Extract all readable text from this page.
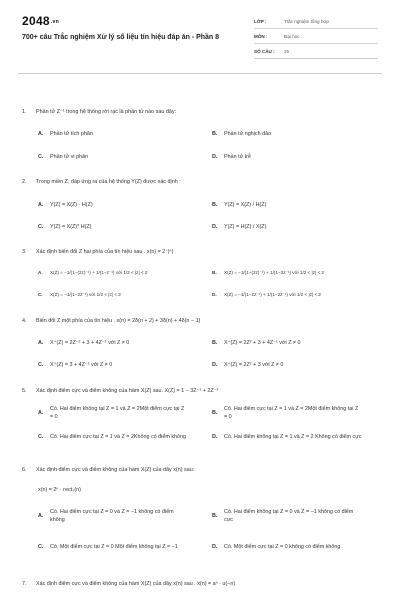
2048.vn
700+ câu Trắc nghiệm Xử lý số liệu tín hiệu đáp án - Phần 8
LỚP :	Trắc nghiệm tổng hợp
MÔN :	Đại học
SỐ CÂU :	25
1.	Phần tử Z⁻¹ trong hệ thống rời rạc là phần tử nào sau đây:
A.	Phần tử tích phân	B.	Phần tử nghịch đảo
C.	Phần tử vi phân	D.	Phần tử trễ
2.	Trong miền Z, đáp ứng ra của hệ thống Y(Z) được xác định :
A.	Y(Z) = X(Z) · H(Z)	B.	Y(Z) = X(Z) / H(Z)
C.	Y(Z) = X(Z)* H(Z)	D.	Y(Z) = H(Z) / X(Z)
3.	Xác định biến đổi Z hai phía của tín hiệu sau . x(n) = 2⁻|ⁿ|
A.	X(Z) = −1/(1−(2z)⁻¹) + 1/(1−z⁻¹) với 1/2 < |z| < 2	B.	X(Z) = −1/(1−(2z)⁻¹) + 1/(1−2z⁻¹) với 1/2 < |z| < 2
C.	X(Z) = −1/(1−2z⁻¹) với 1/2 < |z| < 2	D.	X(Z) = −1/(1−2z⁻¹) + 1/(1−2z⁻¹) với 1/2 < |z| < 2
4.	Biến đổi Z một phía của tín hiệu . x(n) = 2δ(n + 2) + 3δ(n) + 4δ(n − 1)
A.	X⁺(Z) = 2Z⁻² + 3 + 4Z⁻¹ với Z ≠ 0	B.	X⁺(Z) = 2Z² + 3 + 4Z⁻¹ với Z ≠ 0
C.	X⁺(Z) = 3 + 4Z⁻¹ với Z ≠ 0	D.	X⁺(Z) = 2Z² + 3 với Z ≠ 0
5.	Xác định điểm cực và điểm không của hàm X(Z) sau. X(Z) = 1 − 3Z⁻¹ + 2Z⁻²
A.
Có. Hai điểm không tại Z = 1 và Z = 2Một điểm cực tại Z = 0
B.
Có. Hai điểm cực tại Z = 1 và Z = 2Một điểm không tại Z = 0
C.	Có. Hai điểm cực tại Z = 1 và Z = 2Không có điểm không	D.	Có. Hai điểm không tại Z = 1 và Z = 2 Không có điểm cực
6.	Xác định điểm cực và điểm không của hàm X(Z) của dãy x(n) sau:
x(n) = 2ⁿ · rect₃(n)
A.
Có. Hai điểm cực tại Z = 0 và Z = −1 không có điểm không
B.
Có. Hai điểm không tại Z = 0 và Z = −1 không có điểm cực
C.	Có. Một điểm cực tại Z = 0 Một điểm không tại Z = −1	D.	Có. Một điểm cực tại Z = 0 không có điểm không
7.	Xác định điểm cực và điểm không của hàm X(Z) của dãy x(n) sau . x(n) = aⁿ · u(−n)
